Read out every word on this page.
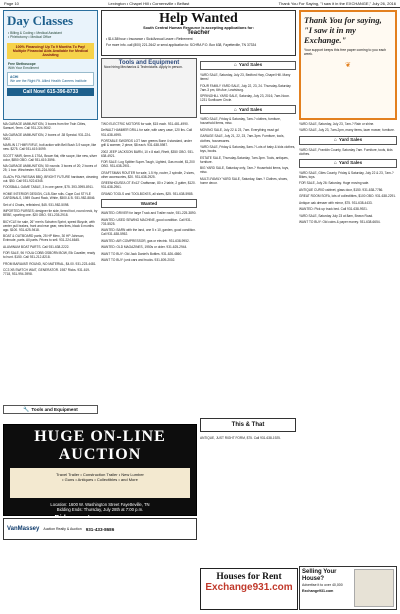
Page 10	Lexington • Chapel Hill • Cornersville • Belfast	Thank You For Saying, "I saw it in the EXCHANGE," July 26, 2016
Day Classes
• Billing & Coding • Medical Assistant
• Phlebotomy • Medical Office
100% Financing! Up To 9 Months To Pay! Multiple Financial Aids Available for Medical Assisting
Free Stethoscope
With Your Enrollment
ACHI
We are the Right Fit. Allied Health Careers Institute
Call Now! 615-396-8733
Help Wanted
South Central Human Resource is accepting applications for:
Teacher
• $14.38/hour • Insurance • Sick/Annual Leave • Retirement
For more info. call (800) 221-2642 or send application to: SCHRA P.O. Box 638, Fayetteville, TN 37334
Tools and Equipment
Now hiring Mechanics & Technicians. Apply in person.
Thank You for saying,
"I saw it in my Exchange."
Your support keeps this free paper coming to you each week.
❦

MA GARAGE AMMUNITION, 3 boxes from the Twin Cities, Samuel, 9mm. Call 931-224-9002.

MA GARAGE AMMUNITION, 2 boxes of .38 Special. 931-224-9002.

MARLIN 17 HMR RIFLE, bolt action with Bell Bush 3-9 scope, like new. $275. Call 931-619-5099.

SCOTT NMR, 6mm & 17SA, Brown flat, rifle scope, like new, silver color, $850 OBO. Call 931-619-3596.

MA GARAGE AMMUNITION, 50 rounds: 3 boxes of 20; 2 boxes of 25; 1 box: Winchester. 931-224-9002.

GLAD's POLYNESIAN BBQ, BRIGHT FUTURE hardware, cleaning out. $50. Call 931-922-6345.

FOOSBALL GAME TABLE, 3 in one game, $75. 393-3995-8911.

HOME INTERIOR DESIGN, CLB-Size rolls. Cape Cod STYLE CARDINALS, 1989 Guard Rack, White, $500 & B. 931-982-8846.

Set of 4 Chairs, refinished, $45. 931-982-5098.

IMPORTED PURSES; designer tie side, tiered foot, round neck, by BEBE, sporting one. $20 OBO. 931-235-2918.

BICYCLE for sale, 26" men's Schwinn Sprint, speed Bicycle, with center pull brakes, front and rear gear, new tires, black 6 months ago. $100. 931-625-9418.

BOAT & OUTBOARD parts, 25 HP Merc, 30 HP Johnson, Evinrude, parts. All parts. Prices to sell. 931-224-6645.

ALUMINUM BOAT PARTS. Call 931-638-2222.

FOR SALE, 96 YOUA COBB OSBORN BOW, Elk Cavalier, ready to hunt. $150. Call 931-212-8218.

FROM BARAVATI ROUND, NO MATERIAL, $4.00. 931-223-4481.

CC3 XB SWITCH WAIT, GENERATOR. 1987 Ricks. 931-619-7718, 931-994-3998.

TWO ELECTRIC MOTORS for sale, $15 each. 931-481-4990.

DeWALT HAMMER DRILL for sale, with carry case, 120 lbs. Call 931-638-4995.

PORTABLE SWORDS LOT ham greens Bone 4 standard, under grill & warmer, 2 piece, $8 each. 931-638-5987.

2002 JEEP JACKSON BARN, 10 x 8 stall, Rhett, $350 OBO. 931-638-4921.

FOR SALE: Log Splitter Super-Tough, Lighted, Gas model, $1,200 OBO. 931-638-2901.

CRAFTSMAN ROUTER for sale, 1.5 Hp, router, 2 spindle, 2 sizes, other accessories, $20. 931-638-2925.

GREENHOUSE/LOT 8'x12' Craftsman, 80 x 2 table, 2 gutter, $120. 931-638-2961.

GRAND TOOLS and TOOLBOXES, all sizes, $25. 931-638-5985.

Wanted

WANTED: DRIVER for large Truck and Trailer route, 931-225-3890.

WANTED: USED SEWING MACHINE, good condition. Call 931-703-5525.

WANTED: BARN with the land, one 5 x 10, garden, good condition. Call 931-638-5952.

WANTED: AIR COMPRESSOR, gas or electric. 931-638-9952.

WANTED: OLD MAGAZINES, 1950s or older. 931-625-2944.

WANT TO BUY: Old Jack Daniel's Bottles. 931-626-4860.

WANT TO BUY: junk cars and trucks. 931-809-2002.

⌂ Yard Sales

YARD SALE, Saturday, July 23, Bedford Hwy, Chapel Hill. Many items!

FOUR FAMILY YARD SALE, July 22, 23, 24. Thursday-Saturday 7am-3 pm, 6th Ave, Lewisburg.

SPRINGHILL YARD SALE, Saturday, July 23, 2016, 7am-Noon. 1231 Sunflower Circle.

⌂ Yard Sales

YARD SALE, Friday & Saturday, 7am-? clothes, furniture, household items, misc.

MOVING SALE, July 22 & 23, 7am. Everything must go!

GARAGE SALE, July 21, 22, 23, 7am-3pm. Furniture, tools, clothes, housewares.

YARD SALE, Friday & Saturday, 5am-? Lots of baby & kids clothes, toys, books.

ESTATE SALE, Thursday-Saturday, 7am-3pm. Tools, antiques, furniture.

BIG YARD SALE, Saturday only, 7am-? Household items, toys, misc.

MULTI-FAMILY YARD SALE, Saturday, 6am-? Clothes, shoes, home decor.

This & That

ANTIQUE, JUST RIGHT FORM, $75. Call 931-638-1925.

YARD SALE, Saturday, July 23, 7am-? Rain or shine.

YARD SALE, July 23, 7am-2pm, many items, lawn mower, furniture.

⌂ Yard Sales

YARD SALE, Franklin County, Saturday 7am. Furniture, tools, kids clothes.

⌂ Yard Sales

YARD SALE, Giles County, Friday & Saturday, July 22 & 23, 7am-? Bikes, toys.

FOR SALE, July 26: Saturday. Huge moving sale.

ANTIQUE CURIO cabinet, glass door, $150. 931-638-7786.

GREAT ROOM SOFA, lots of collectibles, $100 OBO. 931-638-2291.

Antique oak dresser with mirror, $75. 931-638-4433.

WANTED: Pick up truck bed. Call 931-638-9921.

YARD SALE, Saturday July 23 at 8am, Brown Road.

WANT TO BUY: Old coins & paper money. 931-638-6654.

🔧 Tools and Equipment
HUGE ON-LINE AUCTION
Travel Trailer • Construction Trailer • New Lumber
• Guns • Antiques • Collectibles • and More
Location: 1600 W. Washington Street Fayetteville, TN
Bidding Ends: Thursday, July 28th at 7:00 p.m.
Bid now at vanmassey.com
VanMassey Auction Realty & Auction 931-433-8686
Houses for Rent
Exchange931.com
Selling Your House?
Advertise it to over 40,000
Exchange931.com
